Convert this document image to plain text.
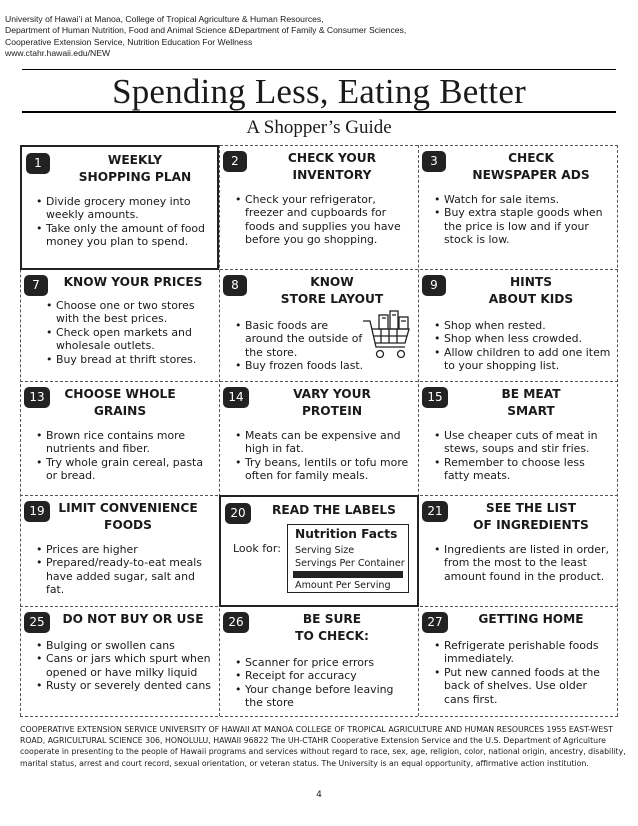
University of Hawai’i at Manoa, College of Tropical Agriculture & Human Resources,
Department of Human Nutrition, Food and Animal Science &Department of Family & Consumer Sciences,
Cooperative Extension Service, Nutrition Education For Wellness
www.ctahr.hawaii.edu/NEW
Spending Less, Eating Better
A Shopper’s Guide
1	WEEKLY
SHOPPING PLAN
• Divide grocery money into weekly amounts.
• Take only the amount of food money you plan to spend.
2	CHECK YOUR
INVENTORY
• Check your refrigerator, freezer and cupboards for foods and supplies you have before you go shopping.
3	CHECK
NEWSPAPER ADS
• Watch for sale items.
• Buy extra staple goods when the price is low and if your stock is low.
7	KNOW YOUR PRICES
• Choose one or two stores with the best prices.
• Check open markets and wholesale outlets.
• Buy bread at thrift stores.
8	KNOW
STORE LAYOUT
• Basic foods are around the outside of the store.
• Buy frozen foods last.
9	HINTS
ABOUT KIDS
• Shop when rested.
• Shop when less crowded.
• Allow children to add one item to your shopping list.
13	CHOOSE WHOLE
GRAINS
• Brown rice contains more nutrients and fiber.
• Try whole grain cereal, pasta or bread.
14	VARY YOUR
PROTEIN
• Meats can be expensive and high in fat.
• Try beans, lentils or tofu more often for family meals.
15	BE MEAT
SMART
• Use cheaper cuts of meat in stews, soups and stir fries.
• Remember to choose less fatty meats.
19	LIMIT CONVENIENCE
FOODS
• Prices are higher
• Prepared/ready-to-eat meals have added sugar, salt and fat.
20	READ THE LABELS
Look for:
Nutrition Facts
Serving Size
Servings Per Container
Amount Per Serving
21	SEE THE LIST
OF INGREDIENTS
• Ingredients are listed in order, from the most to the least amount found in the product.
25	DO NOT BUY OR USE
• Bulging or swollen cans
• Cans or jars which spurt when opened or have milky liquid
• Rusty or severely dented cans
26	BE SURE
TO CHECK:
• Scanner for price errors
• Receipt for accuracy
• Your change before leaving the store
27	GETTING HOME
• Refrigerate perishable foods immediately.
• Put new canned foods at the back of shelves. Use older cans first.
COOPERATIVE EXTENSION SERVICE UNIVERSITY OF HAWAII AT MANOA COLLEGE OF TROPICAL AGRICULTURE AND HUMAN RESOURCES 1955 EAST-WEST
ROAD, AGRICULTURAL SCIENCE 306, HONOLULU, HAWAII 96822 The UH-CTAHR Cooperative Extension Service and the U.S. Department of Agriculture
cooperate in presenting to the people of Hawaii programs and services without regard to race, sex, age, religion, color, national origin, ancestry, disability,
marital status, arrest and court record, sexual orientation, or veteran status. The University is an equal opportunity, affirmative action institution.
4
